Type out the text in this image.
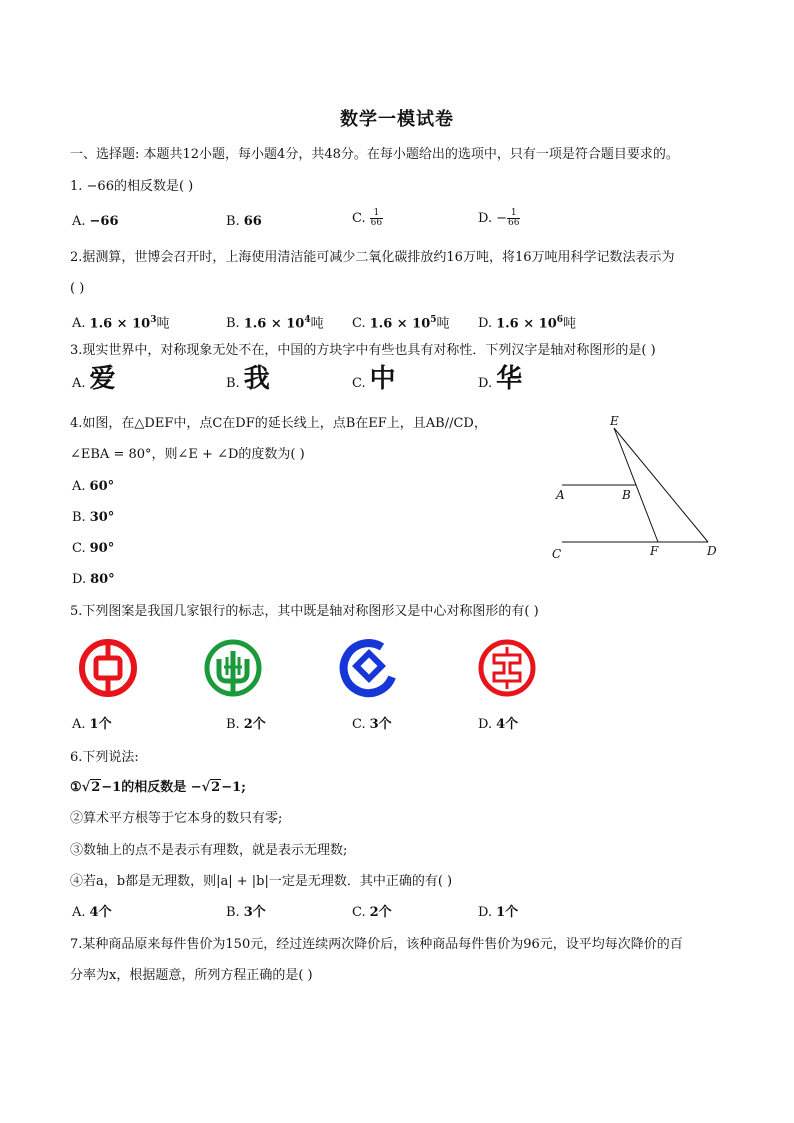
数学一模试卷
一、选择题: 本题共12小题，每小题4分，共48分。在每小题给出的选项中，只有一项是符合题目要求的。
1. −66的相反数是( )
A. −66	B. 66	C. $\frac{1}{66}$	D. − $\frac{1}{66}$
2.据测算，世博会召开时，上海使用清洁能可减少二氧化碳排放约16万吨，将16万吨用科学记数法表示为
( )
A. $1.6 \times 10^3$吨	B. $1.6 \times 10^4$吨 C. $1.6 \times 10^5$吨 D. $1.6 \times 10^6$吨
3.现实世界中，对称现象无处不在，中国的方块字中有些也具有对称性．下列汉字是轴对称图形的是( )
A. 爱	B. 我	C. 中	D. 华
4.如图，在△DEF中，点C在DF的延长线上，点B在EF上，且AB//CD，
∠EBA = 80°，则∠E + ∠D的度数为( )
A. 60°
B. 30°
C. 90°
D. 80°
E
A	B
C	F	D
5.下列图案是我国几家银行的标志，其中既是轴对称图形又是中心对称图形的有( )
A. 1个	B. 2个	C. 3个	D. 4个
6.下列说法:
①√2−1的相反数是 −√2−1;
②算术平方根等于它本身的数只有零;
③数轴上的点不是表示有理数，就是表示无理数;
④若a，b都是无理数，则|a| + |b|一定是无理数．其中正确的有( )
A. 4个	B. 3个	C. 2个	D. 1个
7.某种商品原来每件售价为150元，经过连续两次降价后，该种商品每件售价为96元，设平均每次降价的百
分率为x，根据题意，所列方程正确的是( )
